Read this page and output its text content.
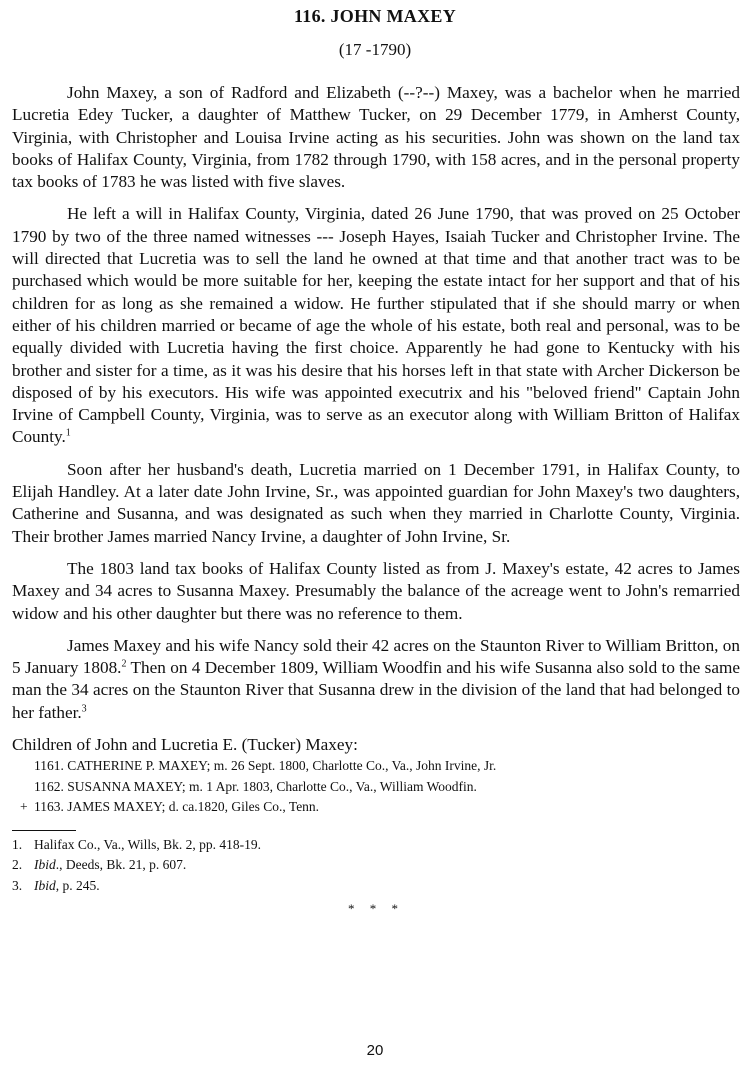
116. JOHN MAXEY
(17 -1790)

John Maxey, a son of Radford and Elizabeth (--?--) Maxey, was a bachelor when he married Lucretia Edey Tucker, a daughter of Matthew Tucker, on 29 December 1779, in Amherst County, Virginia, with Christopher and Louisa Irvine acting as his securities. John was shown on the land tax books of Halifax County, Virginia, from 1782 through 1790, with 158 acres, and in the personal property tax books of 1783 he was listed with five slaves.

He left a will in Halifax County, Virginia, dated 26 June 1790, that was proved on 25 October 1790 by two of the three named witnesses --- Joseph Hayes, Isaiah Tucker and Christopher Irvine. The will directed that Lucretia was to sell the land he owned at that time and that another tract was to be purchased which would be more suitable for her, keeping the estate intact for her support and that of his children for as long as she remained a widow. He further stipulated that if she should marry or when either of his children married or became of age the whole of his estate, both real and personal, was to be equally divided with Lucretia having the first choice. Apparently he had gone to Kentucky with his brother and sister for a time, as it was his desire that his horses left in that state with Archer Dickerson be disposed of by his executors. His wife was appointed executrix and his "beloved friend" Captain John Irvine of Campbell County, Virginia, was to serve as an executor along with William Britton of Halifax County.$^1$

Soon after her husband's death, Lucretia married on 1 December 1791, in Halifax County, to Elijah Handley. At a later date John Irvine, Sr., was appointed guardian for John Maxey's two daughters, Catherine and Susanna, and was designated as such when they married in Charlotte County, Virginia. Their brother James married Nancy Irvine, a daughter of John Irvine, Sr.

The 1803 land tax books of Halifax County listed as from J. Maxey's estate, 42 acres to James Maxey and 34 acres to Susanna Maxey. Presumably the balance of the acreage went to John's remarried widow and his other daughter but there was no reference to them.

James Maxey and his wife Nancy sold their 42 acres on the Staunton River to William Britton, on 5 January 1808.$^2$ Then on 4 December 1809, William Woodfin and his wife Susanna also sold to the same man the 34 acres on the Staunton River that Susanna drew in the division of the land that had belonged to her father.$^3$

Children of John and Lucretia E. (Tucker) Maxey:
1161. CATHERINE P. MAXEY; m. 26 Sept. 1800, Charlotte Co., Va., John Irvine, Jr.
1162. SUSANNA MAXEY; m. 1 Apr. 1803, Charlotte Co., Va., William Woodfin.
+ 1163. JAMES MAXEY; d. ca.1820, Giles Co., Tenn.
1. Halifax Co., Va., Wills, Bk. 2, pp. 418-19.
2. Ibid., Deeds, Bk. 21, p. 607.
3. Ibid, p. 245.
* * *
20
